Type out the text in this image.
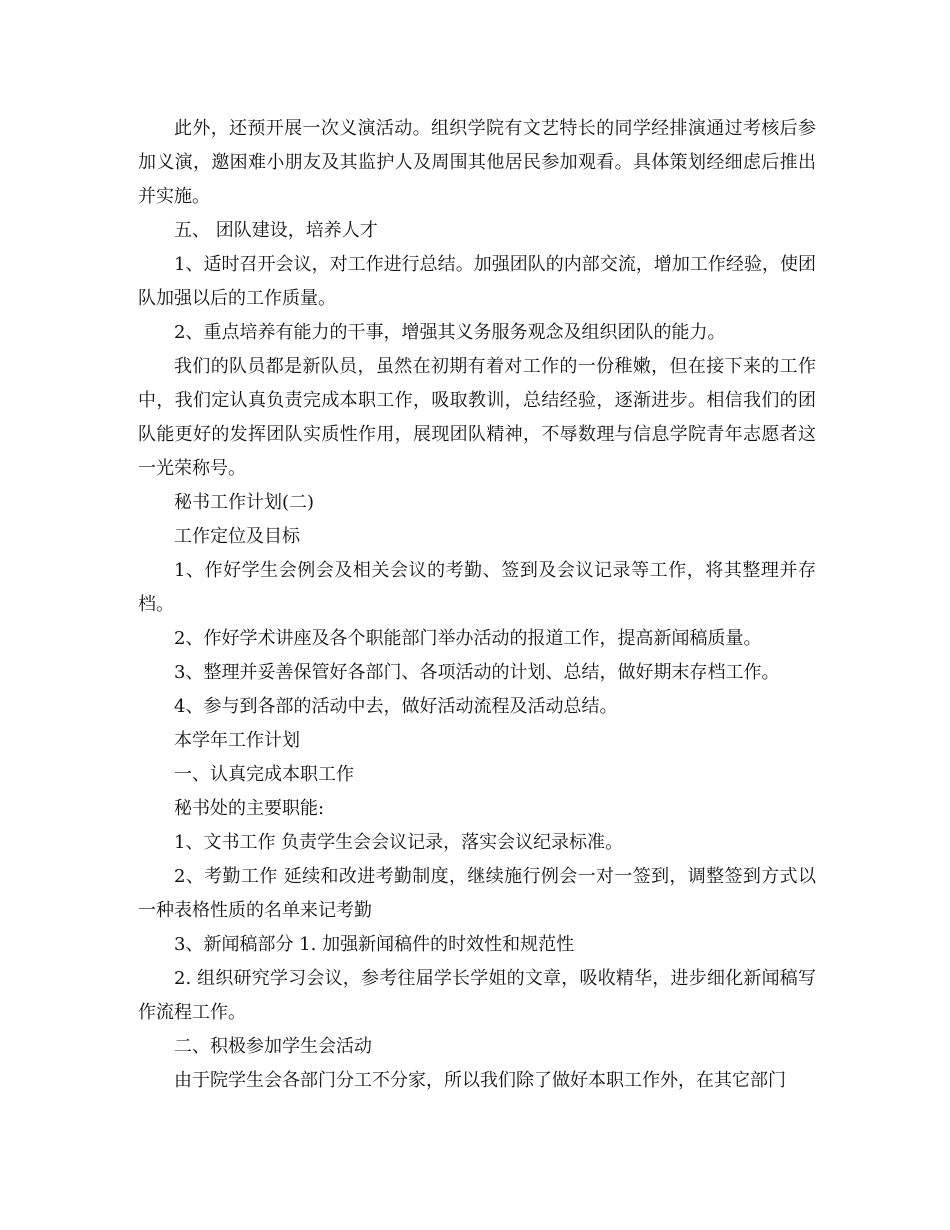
此外，还预开展一次义演活动。组织学院有文艺特长的同学经排演通过考核后参加义演，邀困难小朋友及其监护人及周围其他居民参加观看。具体策划经细虑后推出并实施。

五、 团队建设，培养人才

1、适时召开会议，对工作进行总结。加强团队的内部交流，增加工作经验，使团队加强以后的工作质量。

2、重点培养有能力的干事，增强其义务服务观念及组织团队的能力。

我们的队员都是新队员，虽然在初期有着对工作的一份稚嫩，但在接下来的工作中，我们定认真负责完成本职工作，吸取教训，总结经验，逐渐进步。相信我们的团队能更好的发挥团队实质性作用，展现团队精神，不辱数理与信息学院青年志愿者这一光荣称号。

秘书工作计划(二)

工作定位及目标

1、作好学生会例会及相关会议的考勤、签到及会议记录等工作，将其整理并存档。

2、作好学术讲座及各个职能部门举办活动的报道工作，提高新闻稿质量。

3、整理并妥善保管好各部门、各项活动的计划、总结，做好期末存档工作。

4、参与到各部的活动中去，做好活动流程及活动总结。

本学年工作计划

一、认真完成本职工作

秘书处的主要职能:

1、文书工作 负责学生会会议记录，落实会议纪录标准。

2、考勤工作 延续和改进考勤制度，继续施行例会一对一签到，调整签到方式以一种表格性质的名单来记考勤

3、新闻稿部分 1. 加强新闻稿件的时效性和规范性

2. 组织研究学习会议，参考往届学长学姐的文章，吸收精华，进步细化新闻稿写作流程工作。

二、积极参加学生会活动

由于院学生会各部门分工不分家，所以我们除了做好本职工作外，在其它部门
